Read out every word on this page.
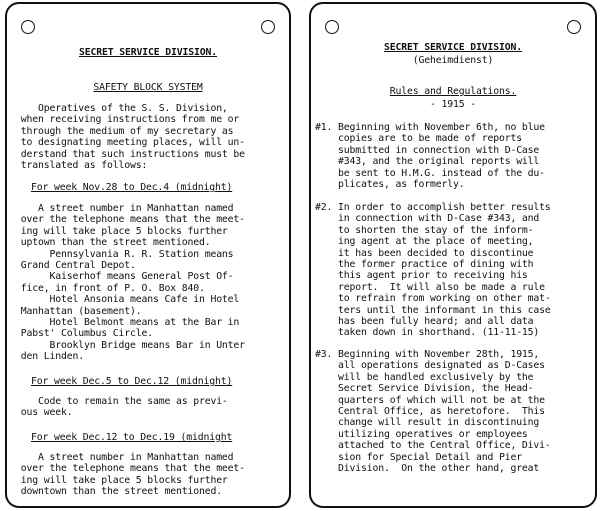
SECRET SERVICE DIVISION.
SAFETY BLOCK SYSTEM
Operatives of the S. S. Division,
when receiving instructions from me or
through the medium of my secretary as
to designating meeting places, will un-
derstand that such instructions must be
translated as follows:
For week Nov.28 to Dec.4 (midnight)
A street number in Manhattan named
over the telephone means that the meet-
ing will take place 5 blocks further
uptown than the street mentioned.
Pennsylvania R. R. Station means
Grand Central Depot.
Kaiserhof means General Post Of-
fice, in front of P. O. Box 840.
Hotel Ansonia means Cafe in Hotel
Manhattan (basement).
Hotel Belmont means at the Bar in
Pabst' Columbus Circle.
Brooklyn Bridge means Bar in Unter
den Linden.
For week Dec.5 to Dec.12 (midnight)
Code to remain the same as previ-
ous week.
For week Dec.12 to Dec.19 (midnight
A street number in Manhattan named
over the telephone means that the meet-
ing will take place 5 blocks further
downtown than the street mentioned.
SECRET SERVICE DIVISION.
(Geheimdienst)
Rules and Regulations.
- 1915 -
#1. Beginning with November 6th, no blue
copies are to be made of reports
submitted in connection with D-Case
#343, and the original reports will
be sent to H.M.G. instead of the du-
plicates, as formerly.
#2. In order to accomplish better results
in connection with D-Case #343, and
to shorten the stay of the inform-
ing agent at the place of meeting,
it has been decided to discontinue
the former practice of dining with
this agent prior to receiving his
report.  It will also be made a rule
to refrain from working on other mat-
ters until the informant in this case
has been fully heard; and all data
taken down in shorthand. (11-11-15)
#3. Beginning with November 28th, 1915,
all operations designated as D-Cases
will be handled exclusively by the
Secret Service Division, the Head-
quarters of which will not be at the
Central Office, as heretofore.  This
change will result in discontinuing
utilizing operatives or employees
attached to the Central Office, Divi-
sion for Special Detail and Pier
Division.  On the other hand, great
